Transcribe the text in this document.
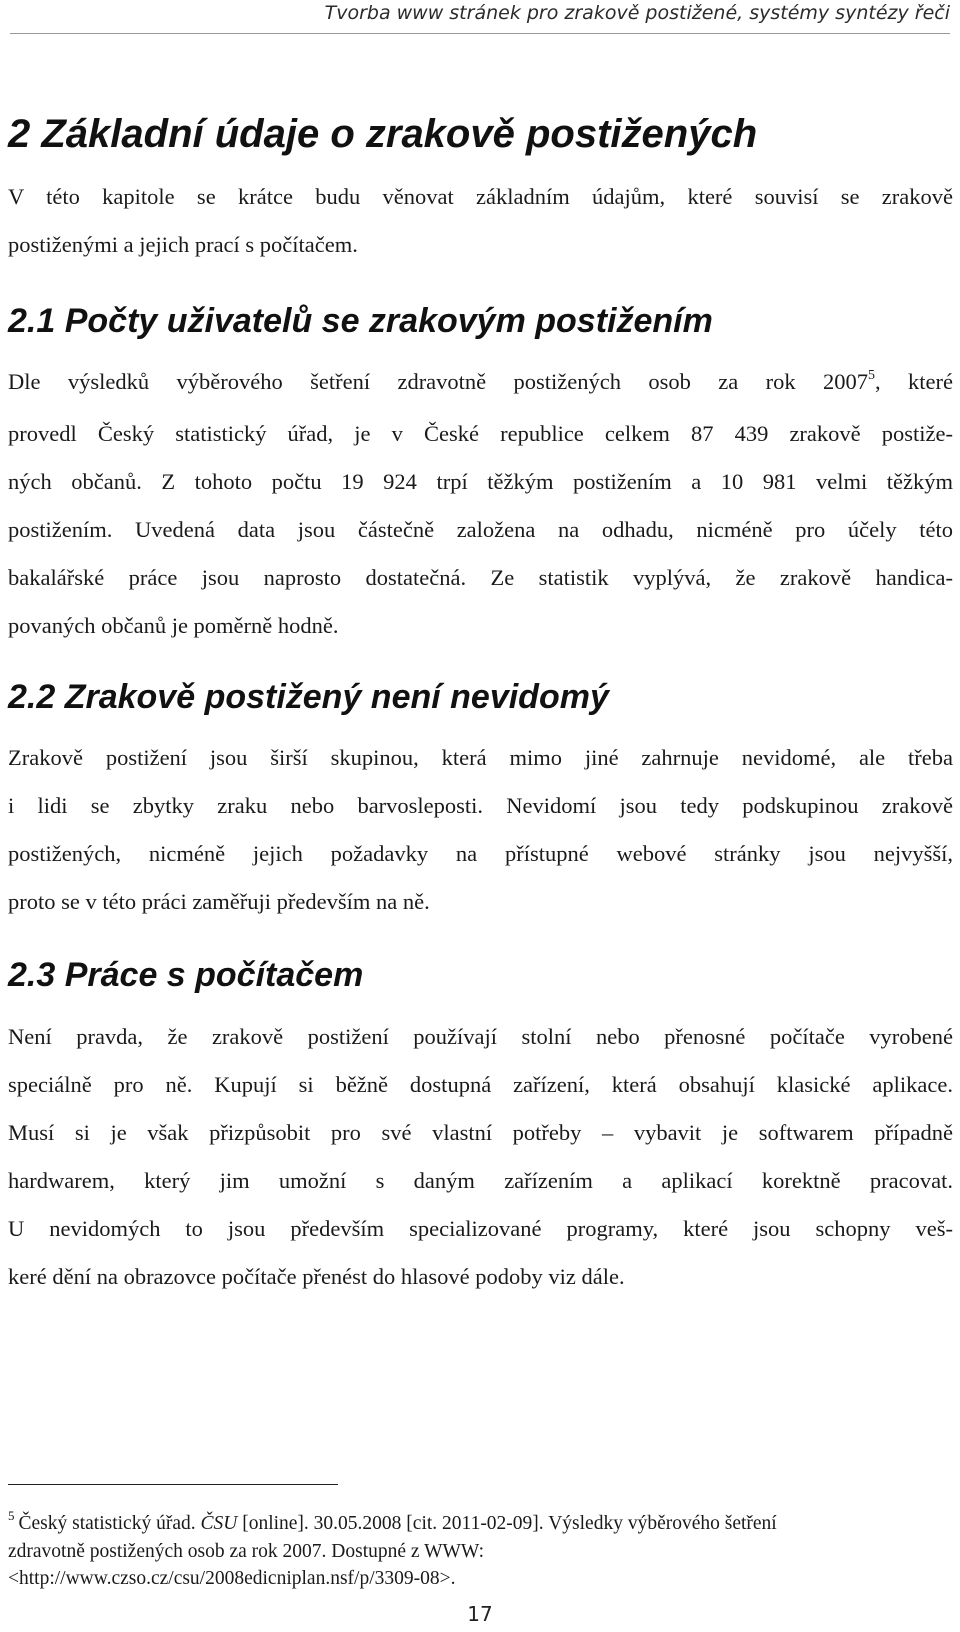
Tvorba www stránek pro zrakově postižené, systémy syntézy řeči
2 Základní údaje o zrakově postižených
V této kapitole se krátce budu věnovat základním údajům, které souvisí se zrakově
postiženými a jejich prací s počítačem.
2.1 Počty uživatelů se zrakovým postižením
Dle výsledků výběrového šetření zdravotně postižených osob za rok 2007$^5$, které
provedl Český statistický úřad, je v České republice celkem 87 439 zrakově postiže-
ných občanů. Z tohoto počtu 19 924 trpí těžkým postižením a 10 981 velmi těžkým
postižením. Uvedená data jsou částečně založena na odhadu, nicméně pro účely této
bakalářské práce jsou naprosto dostatečná. Ze statistik vyplývá, že zrakově handica-
povaných občanů je poměrně hodně.
2.2 Zrakově postižený není nevidomý
Zrakově postižení jsou širší skupinou, která mimo jiné zahrnuje nevidomé, ale třeba
i lidi se zbytky zraku nebo barvosleposti. Nevidomí jsou tedy podskupinou zrakově
postižených, nicméně jejich požadavky na přístupné webové stránky jsou nejvyšší,
proto se v této práci zaměřuji především na ně.
2.3 Práce s počítačem
Není pravda, že zrakově postižení používají stolní nebo přenosné počítače vyrobené
speciálně pro ně. Kupují si běžně dostupná zařízení, která obsahují klasické aplikace.
Musí si je však přizpůsobit pro své vlastní potřeby – vybavit je softwarem případně
hardwarem, který jim umožní s daným zařízením a aplikací korektně pracovat.
U nevidomých to jsou především specializované programy, které jsou schopny veš-
keré dění na obrazovce počítače přenést do hlasové podoby viz dále.
$^5$ Český statistický úřad. ČSU [online]. 30.05.2008 [cit. 2011-02-09]. Výsledky výběrového šetření
zdravotně postižených osob za rok 2007. Dostupné z WWW:
<http://www.czso.cz/csu/2008edicniplan.nsf/p/3309-08>.
17
